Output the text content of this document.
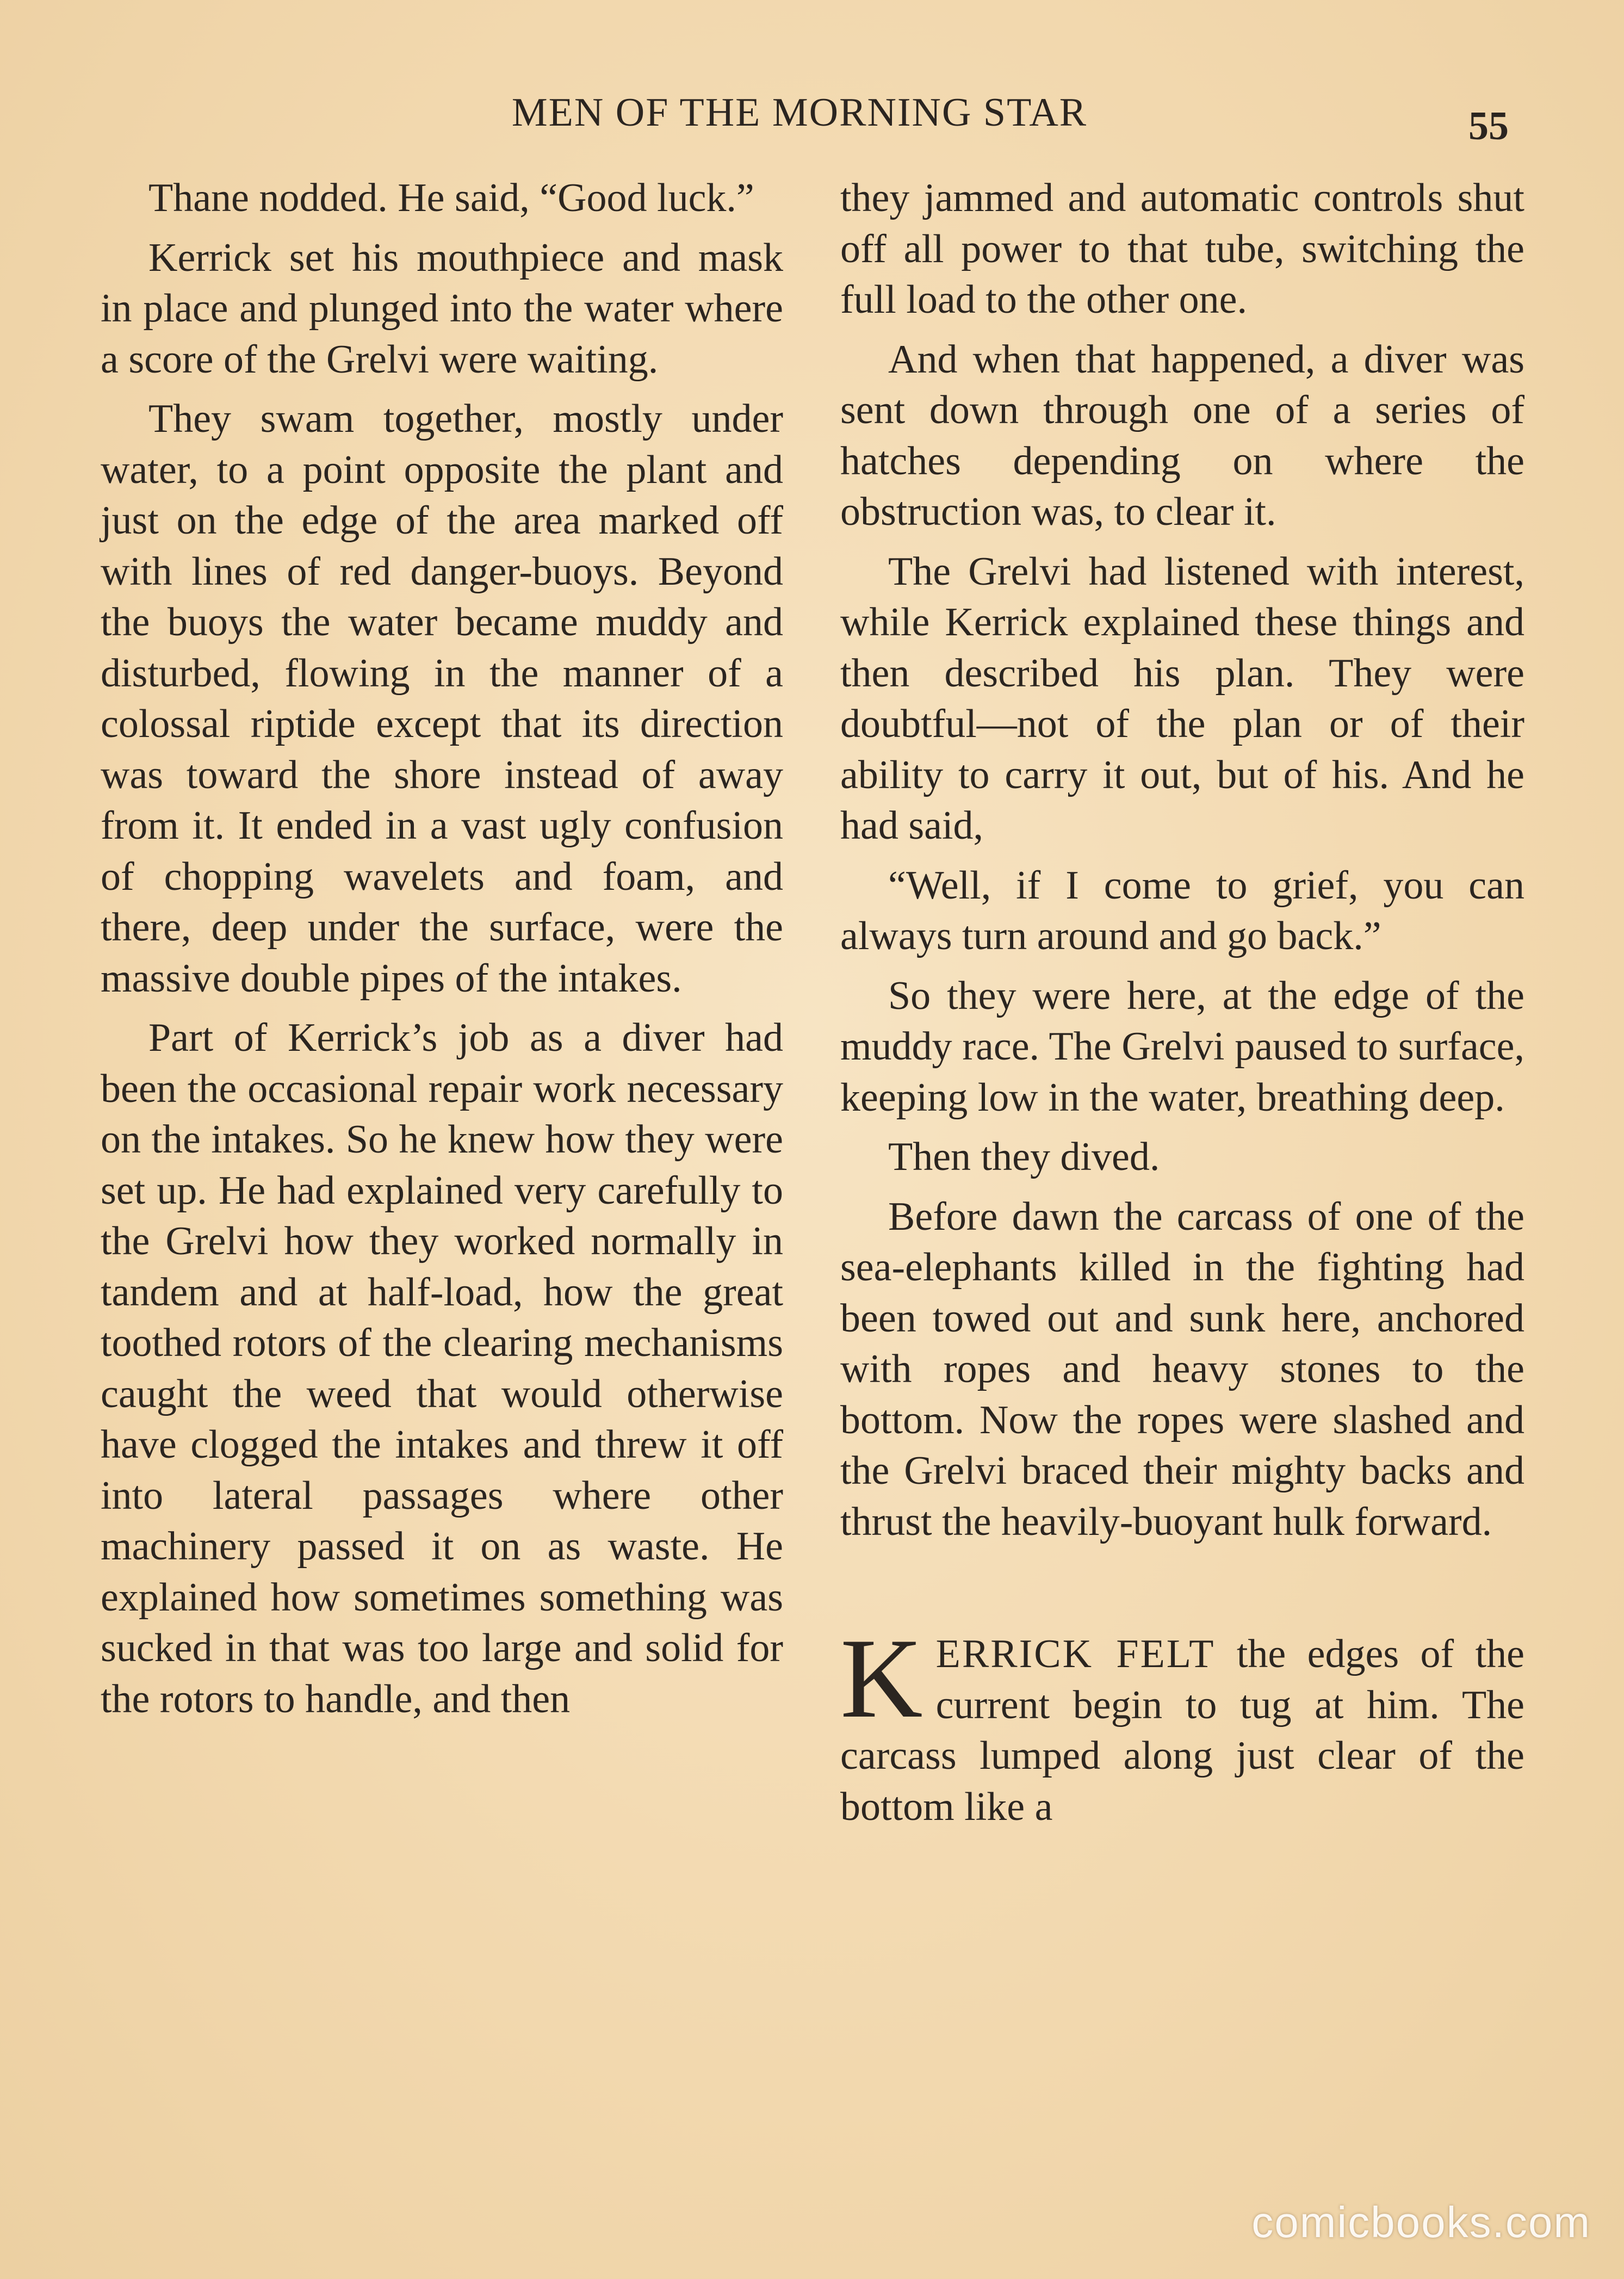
MEN OF THE MORNING STAR	55

Thane nodded. He said, “Good luck.”

Kerrick set his mouthpiece and mask in place and plunged into the water where a score of the Grelvi were waiting.

They swam together, mostly under water, to a point opposite the plant and just on the edge of the area marked off with lines of red danger-buoys. Beyond the buoys the water became muddy and disturbed, flowing in the manner of a colossal riptide except that its direction was toward the shore instead of away from it. It ended in a vast ugly confusion of chopping wavelets and foam, and there, deep under the surface, were the massive double pipes of the intakes.

Part of Kerrick’s job as a diver had been the occasional repair work necessary on the intakes. So he knew how they were set up. He had explained very carefully to the Grelvi how they worked normally in tandem and at half-load, how the great toothed rotors of the clearing mechanisms caught the weed that would otherwise have clogged the intakes and threw it off into lateral passages where other machinery passed it on as waste. He explained how sometimes something was sucked in that was too large and solid for the rotors to handle, and then

they jammed and automatic controls shut off all power to that tube, switching the full load to the other one.

And when that happened, a diver was sent down through one of a series of hatches depending on where the obstruction was, to clear it.

The Grelvi had listened with interest, while Kerrick explained these things and then described his plan. They were doubtful—not of the plan or of their ability to carry it out, but of his. And he had said,

“Well, if I come to grief, you can always turn around and go back.”

So they were here, at the edge of the muddy race. The Grelvi paused to surface, keeping low in the water, breathing deep.

Then they dived.

Before dawn the carcass of one of the sea-elephants killed in the fighting had been towed out and sunk here, anchored with ropes and heavy stones to the bottom. Now the ropes were slashed and the Grelvi braced their mighty backs and thrust the heavily-buoyant hulk forward.

KERRICK FELT the edges of the current begin to tug at him. The carcass lumped along just clear of the bottom like a

comicbooks.com
